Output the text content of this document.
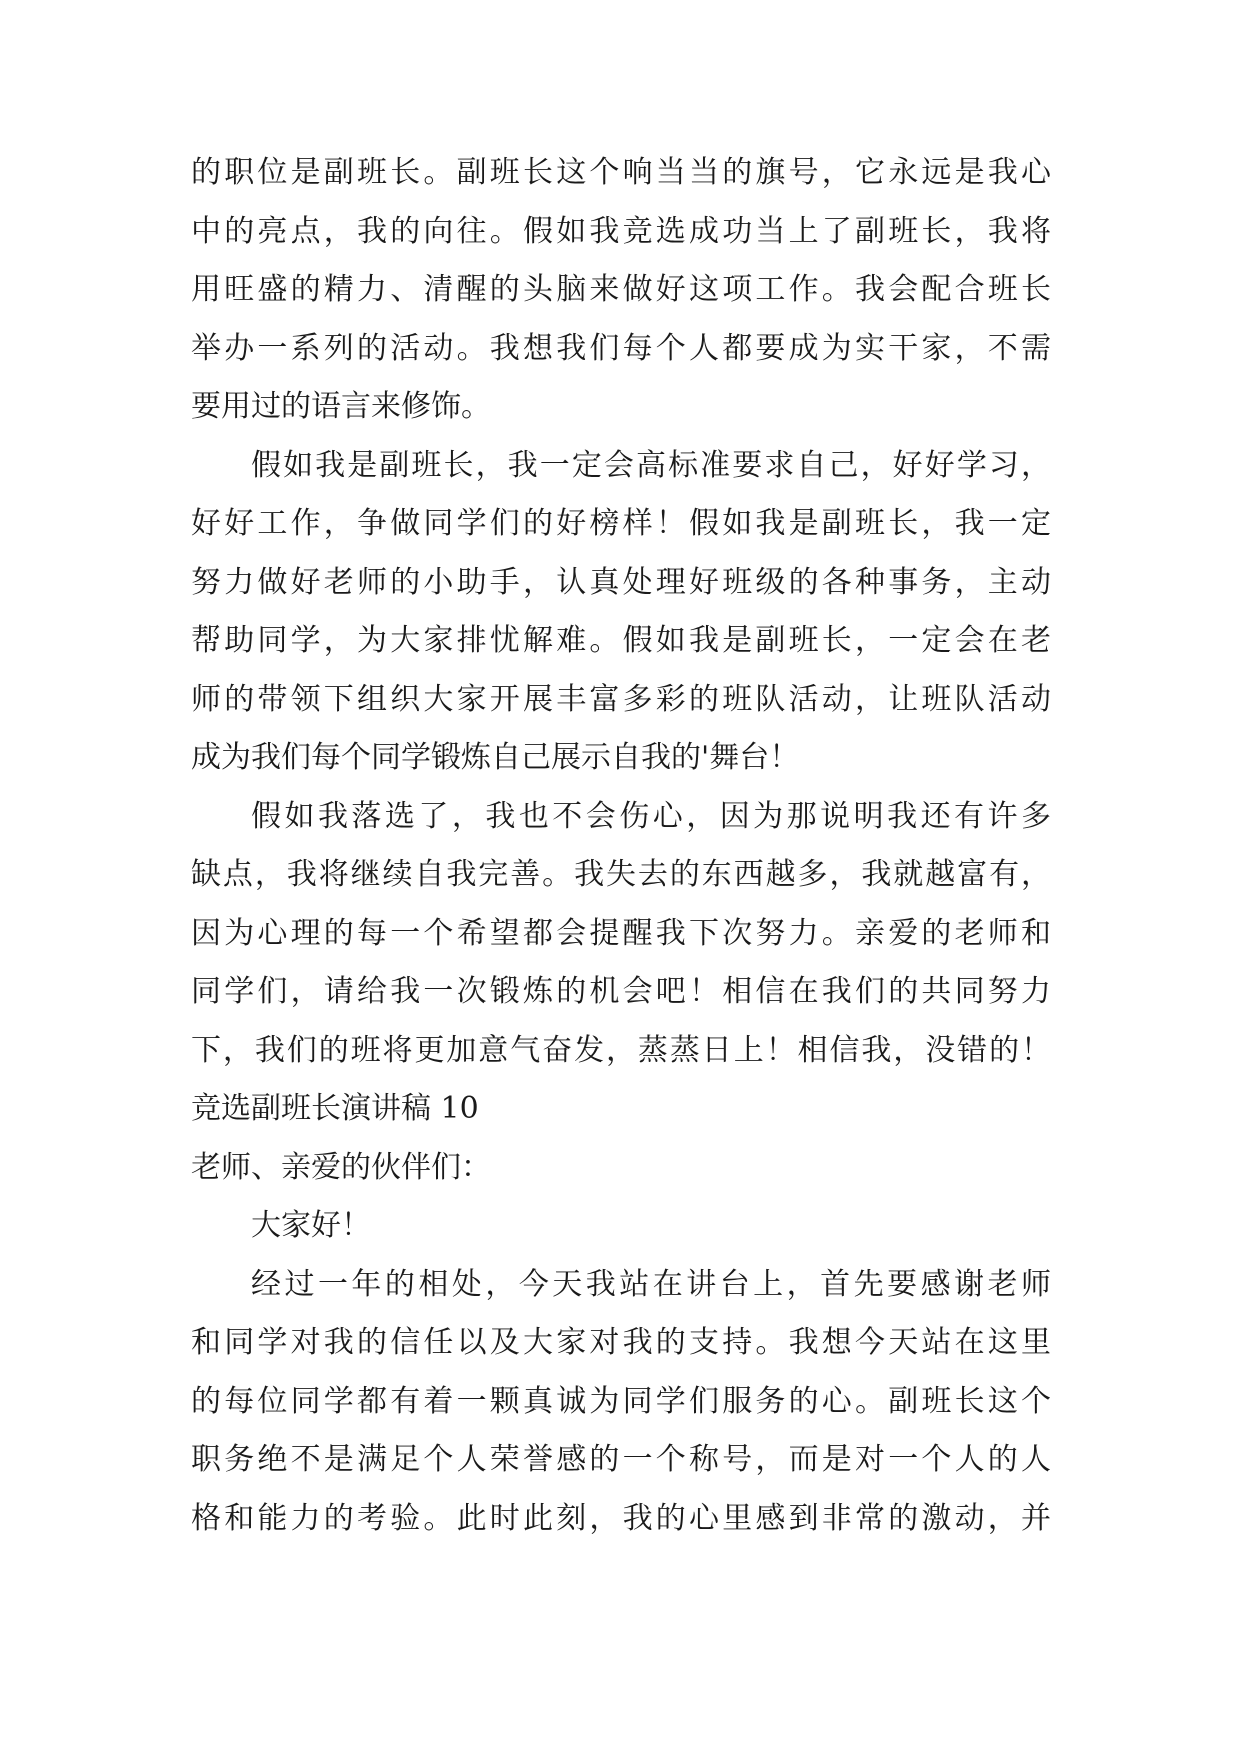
的职位是副班长。副班长这个响当当的旗号，它永远是我心
中的亮点，我的向往。假如我竞选成功当上了副班长，我将
用旺盛的精力、清醒的头脑来做好这项工作。我会配合班长
举办一系列的活动。我想我们每个人都要成为实干家，不需
要用过的语言来修饰。
假如我是副班长，我一定会高标准要求自己，好好学习，
好好工作，争做同学们的好榜样！假如我是副班长，我一定
努力做好老师的小助手，认真处理好班级的各种事务，主动
帮助同学，为大家排忧解难。假如我是副班长，一定会在老
师的带领下组织大家开展丰富多彩的班队活动，让班队活动
成为我们每个同学锻炼自己展示自我的'舞台！
假如我落选了，我也不会伤心，因为那说明我还有许多
缺点，我将继续自我完善。我失去的东西越多，我就越富有，
因为心理的每一个希望都会提醒我下次努力。亲爱的老师和
同学们，请给我一次锻炼的机会吧！相信在我们的共同努力
下，我们的班将更加意气奋发，蒸蒸日上！相信我，没错的！
竞选副班长演讲稿 10
老师、亲爱的伙伴们：
大家好！
经过一年的相处，今天我站在讲台上，首先要感谢老师
和同学对我的信任以及大家对我的支持。我想今天站在这里
的每位同学都有着一颗真诚为同学们服务的心。副班长这个
职务绝不是满足个人荣誉感的一个称号，而是对一个人的人
格和能力的考验。此时此刻，我的心里感到非常的激动，并
